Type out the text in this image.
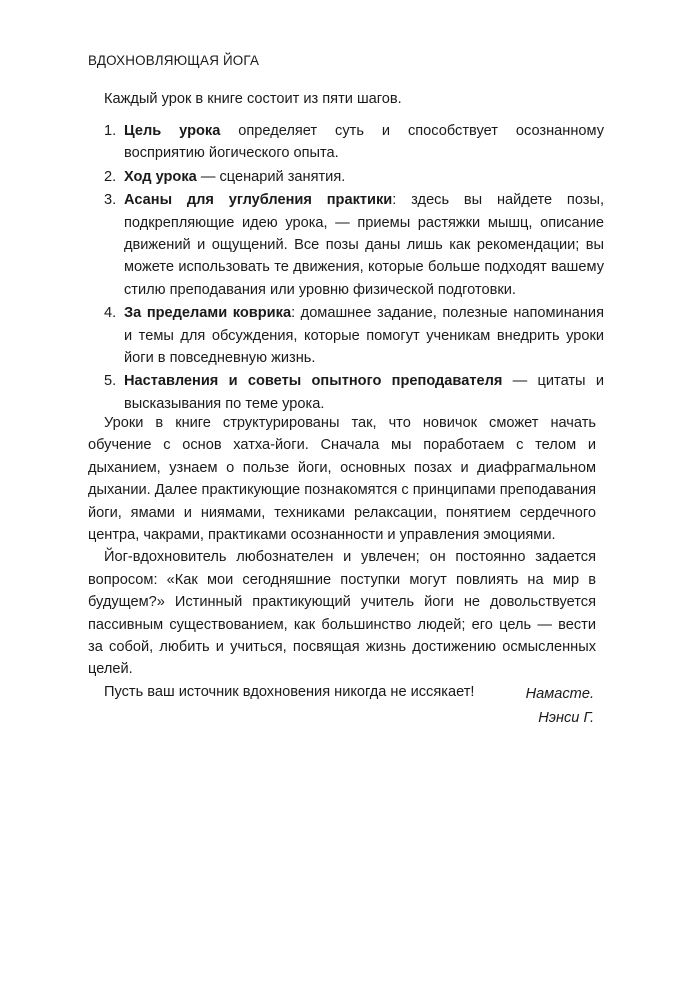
ВДОХНОВЛЯЮЩАЯ ЙОГА
Каждый урок в книге состоит из пяти шагов.
1. Цель урока определяет суть и способствует осознанному восприятию йогического опыта.
2. Ход урока — сценарий занятия.
3. Асаны для углубления практики: здесь вы найдете позы, подкрепляющие идею урока, — приемы растяжки мышц, описание движений и ощущений. Все позы даны лишь как рекомендации; вы можете использовать те движения, которые больше подходят вашему стилю преподавания или уровню физической подготовки.
4. За пределами коврика: домашнее задание, полезные напоминания и темы для обсуждения, которые помогут ученикам внедрить уроки йоги в повседневную жизнь.
5. Наставления и советы опытного преподавателя — цитаты и высказывания по теме урока.

Уроки в книге структурированы так, что новичок сможет начать обучение с основ хатха-йоги. Сначала мы поработаем с телом и дыханием, узнаем о пользе йоги, основных позах и диафрагмальном дыхании. Далее практикующие познакомятся с принципами преподавания йоги, ямами и ниямами, техниками релаксации, понятием сердечного центра, чакрами, практиками осознанности и управления эмоциями.

Йог-вдохновитель любознателен и увлечен; он постоянно задается вопросом: «Как мои сегодняшние поступки могут повлиять на мир в будущем?» Истинный практикующий учитель йоги не довольствуется пассивным существованием, как большинство людей; его цель — вести за собой, любить и учиться, посвящая жизнь достижению осмысленных целей.

Пусть ваш источник вдохновения никогда не иссякает!	Намасте.
Нэнси Г.
